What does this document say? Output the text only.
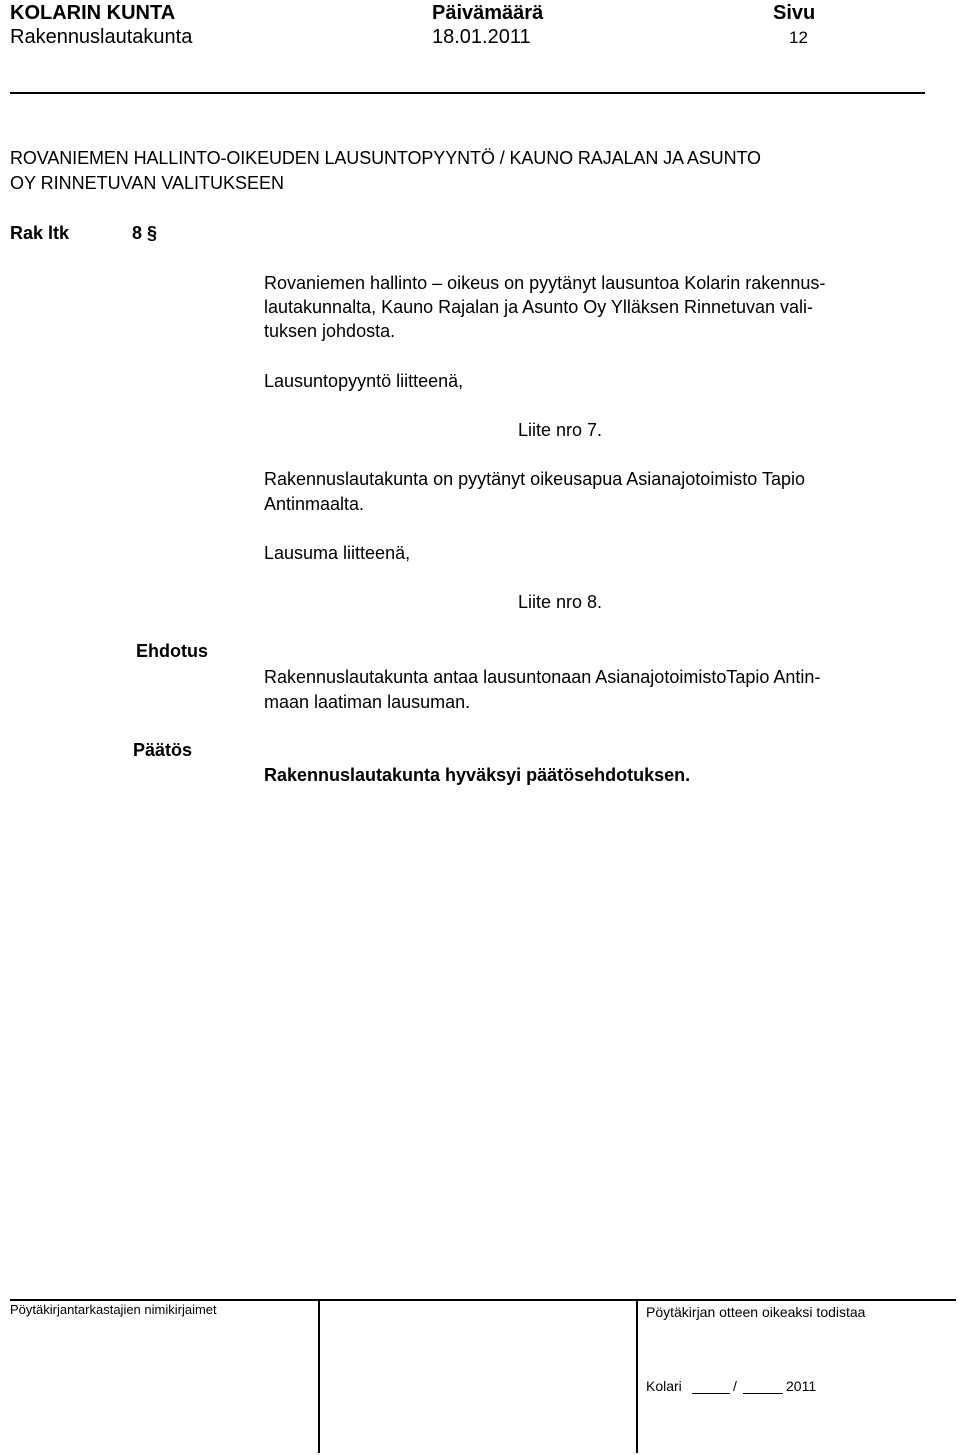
KOLARIN KUNTA
Rakennuslautakunta
Päivämäärä
18.01.2011
Sivu
12
ROVANIEMEN HALLINTO-OIKEUDEN LAUSUNTOPYYNTÖ / KAUNO RAJALAN JA ASUNTO
OY RINNETUVAN VALITUKSEEN
Rak ltk	8 §
Rovaniemen hallinto – oikeus on pyytänyt lausuntoa Kolarin rakennus-
lautakunnalta, Kauno Rajalan ja Asunto Oy Ylläksen Rinnetuvan vali-
tuksen johdosta.
Lausuntopyyntö liitteenä,
Liite nro 7.
Rakennuslautakunta on pyytänyt oikeusapua Asianajotoimisto Tapio
Antinmaalta.
Lausuma liitteenä,
Liite nro 8.
Ehdotus
Rakennuslautakunta antaa lausuntonaan AsianajotoimistoTapio Antin-
maan laatiman lausuman.
Päätös
Rakennuslautakunta hyväksyi päätösehdotuksen.
Pöytäkirjantarkastajien nimikirjaimet	Pöytäkirjan otteen oikeaksi todistaa
Kolari	/	2011
